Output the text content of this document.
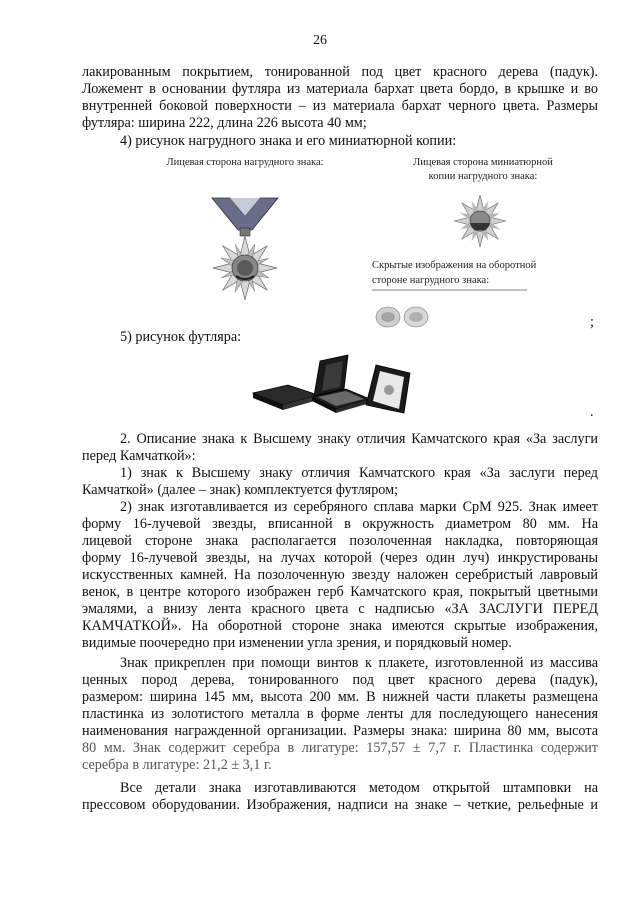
26
лакированным покрытием, тонированной под цвет красного дерева (падук).
Ложемент в основании футляра из материала бархат цвета бордо, в крышке и во
внутренней боковой поверхности – из материала бархат черного цвета. Размеры
футляра: ширина 222, длина 226 высота 40 мм;
4) рисунок нагрудного знака и его миниатюрной копии:
Лицевая сторона нагрудного знака:	Лицевая сторона миниатюрной
копии нагрудного знака:
Скрытые изображения на оборотной
стороне нагрудного знака:
;
5) рисунок футляра:
.
2. Описание знака к Высшему знаку отличия Камчатского края «За заслуги
перед Камчаткой»:
1) знак к Высшему знаку отличия Камчатского края «За заслуги перед
Камчаткой» (далее – знак) комплектуется футляром;
2) знак изготавливается из серебряного сплава марки СрМ 925. Знак имеет
форму 16-лучевой звезды, вписанной в окружность диаметром 80 мм. На
лицевой стороне знака располагается позолоченная накладка, повторяющая
форму 16-лучевой звезды, на лучах которой (через один луч) инкрустированы
искусственных камней. На позолоченную звезду наложен серебристый лавровый
венок, в центре которого изображен герб Камчатского края, покрытый цветными
эмалями, а внизу лента красного цвета с надписью «ЗА ЗАСЛУГИ ПЕРЕД
КАМЧАТКОЙ». На оборотной стороне знака имеются скрытые изображения,
видимые поочередно при изменении угла зрения, и порядковый номер.
Знак прикреплен при помощи винтов к плакете, изготовленной из массива
ценных пород дерева, тонированного под цвет красного дерева (падук),
размером: ширина 145 мм, высота 200 мм. В нижней части плакеты размещена
пластинка из золотистого металла в форме ленты для последующего нанесения
наименования награжденной организации. Размеры знака: ширина 80 мм, высота
80 мм. Знак содержит серебра в лигатуре: 157,57 ± 7,7 г. Пластинка содержит
серебра в лигатуре: 21,2 ± 3,1 г.
Все детали знака изготавливаются методом открытой штамповки на
прессовом оборудовании. Изображения, надписи на знаке – четкие, рельефные и
